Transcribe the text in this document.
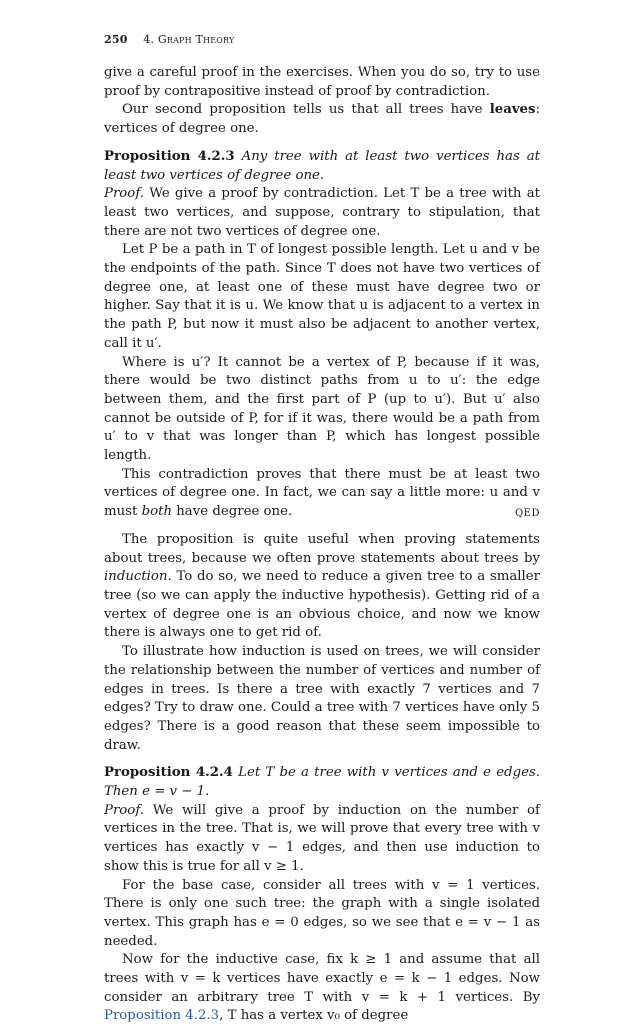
250 4. Graph Theory

give a careful proof in the exercises. When you do so, try to use proof by contrapositive instead of proof by contradiction.

Our second proposition tells us that all trees have leaves: vertices of degree one.

Proposition 4.2.3 Any tree with at least two vertices has at least two vertices of degree one.

Proof. We give a proof by contradiction. Let T be a tree with at least two vertices, and suppose, contrary to stipulation, that there are not two vertices of degree one.

Let P be a path in T of longest possible length. Let u and v be the endpoints of the path. Since T does not have two vertices of degree one, at least one of these must have degree two or higher. Say that it is u. We know that u is adjacent to a vertex in the path P, but now it must also be adjacent to another vertex, call it u′.

Where is u′? It cannot be a vertex of P, because if it was, there would be two distinct paths from u to u′: the edge between them, and the first part of P (up to u′). But u′ also cannot be outside of P, for if it was, there would be a path from u′ to v that was longer than P, which has longest possible length.

This contradiction proves that there must be at least two vertices of degree one. In fact, we can say a little more: u and v must both have degree one.	QED

The proposition is quite useful when proving statements about trees, because we often prove statements about trees by induction. To do so, we need to reduce a given tree to a smaller tree (so we can apply the inductive hypothesis). Getting rid of a vertex of degree one is an obvious choice, and now we know there is always one to get rid of.

To illustrate how induction is used on trees, we will consider the relationship between the number of vertices and number of edges in trees. Is there a tree with exactly 7 vertices and 7 edges? Try to draw one. Could a tree with 7 vertices have only 5 edges? There is a good reason that these seem impossible to draw.

Proposition 4.2.4 Let T be a tree with v vertices and e edges. Then e = v − 1.

Proof. We will give a proof by induction on the number of vertices in the tree. That is, we will prove that every tree with v vertices has exactly v − 1 edges, and then use induction to show this is true for all v ≥ 1.

For the base case, consider all trees with v = 1 vertices. There is only one such tree: the graph with a single isolated vertex. This graph has e = 0 edges, so we see that e = v − 1 as needed.

Now for the inductive case, fix k ≥ 1 and assume that all trees with v = k vertices have exactly e = k − 1 edges. Now consider an arbitrary tree T with v = k + 1 vertices. By Proposition 4.2.3, T has a vertex v₀ of degree
